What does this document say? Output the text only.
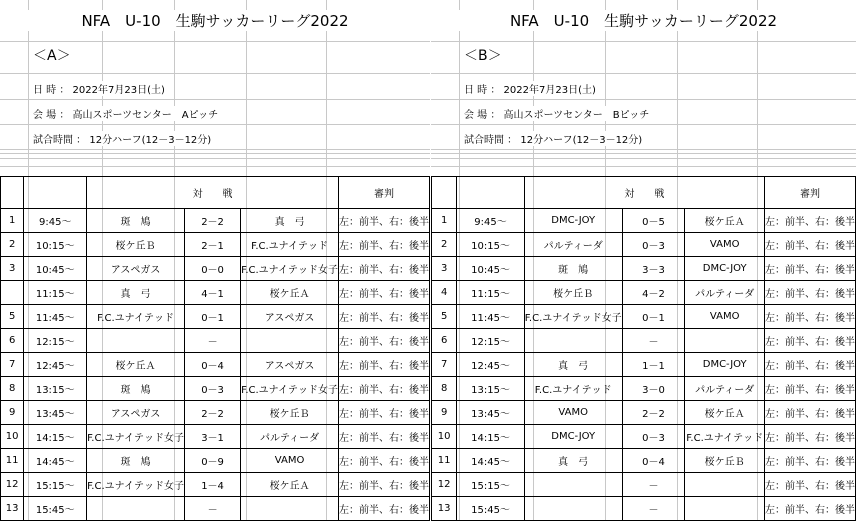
NFA　U-10　生駒サッカーリーグ2022
＜A＞
日 時 ： 2022年7月23日(土)
会 場 ： 高山スポーツセンター　Aピッチ
試合時間 ： 12分ハーフ(12－3－12分)
		対　　戦			審判
1	9:45～	斑　鳩	2－2	真　弓	左：前半、右：後半
2	10:15～	桜ケ丘Ｂ	2－1	F.C.ユナイテッド	左：前半、右：後半
3	10:45～	アスペガス	0－0	F.C.ユナイテッド女子	左：前半、右：後半
	11:15～	真　弓	4－1	桜ケ丘Ａ	左：前半、右：後半
5	11:45～	F.C.ユナイテッド	0－1	アスペガス	左：前半、右：後半
6	12:15～		－		左：前半、右：後半
7	12:45～	桜ケ丘Ａ	0－4	アスペガス	左：前半、右：後半
8	13:15～	斑　鳩	0－3	F.C.ユナイテッド女子	左：前半、右：後半
9	13:45～	アスペガス	2－2	桜ケ丘Ｂ	左：前半、右：後半
10	14:15～	F.C.ユナイテッド女子	3－1	パルティーダ	左：前半、右：後半
11	14:45～	斑　鳩	0－9	VAMO	左：前半、右：後半
12	15:15～	F.C.ユナイテッド女子	1－4	桜ケ丘Ａ	左：前半、右：後半
13	15:45～		－		左：前半、右：後半
NFA　U-10　生駒サッカーリーグ2022
＜B＞
日 時 ： 2022年7月23日(土)
会 場 ： 高山スポーツセンター　Bピッチ
試合時間 ： 12分ハーフ(12－3－12分)
		対　　戦			審判
1	9:45～	DMC-JOY	0－5	桜ケ丘Ａ	左：前半、右：後半
2	10:15～	パルティーダ	0－3	VAMO	左：前半、右：後半
3	10:45～	斑　鳩	3－3	DMC-JOY	左：前半、右：後半
4	11:15～	桜ケ丘Ｂ	4－2	パルティーダ	左：前半、右：後半
5	11:45～	F.C.ユナイテッド女子	0－1	VAMO	左：前半、右：後半
6	12:15～		－		左：前半、右：後半
7	12:45～	真　弓	1－1	DMC-JOY	左：前半、右：後半
8	13:15～	F.C.ユナイテッド	3－0	パルティーダ	左：前半、右：後半
9	13:45～	VAMO	2－2	桜ケ丘Ａ	左：前半、右：後半
10	14:15～	DMC-JOY	0－3	F.C.ユナイテッド	左：前半、右：後半
11	14:45～	真　弓	0－4	桜ケ丘Ｂ	左：前半、右：後半
12	15:15～		－		左：前半、右：後半
13	15:45～		－		左：前半、右：後半
